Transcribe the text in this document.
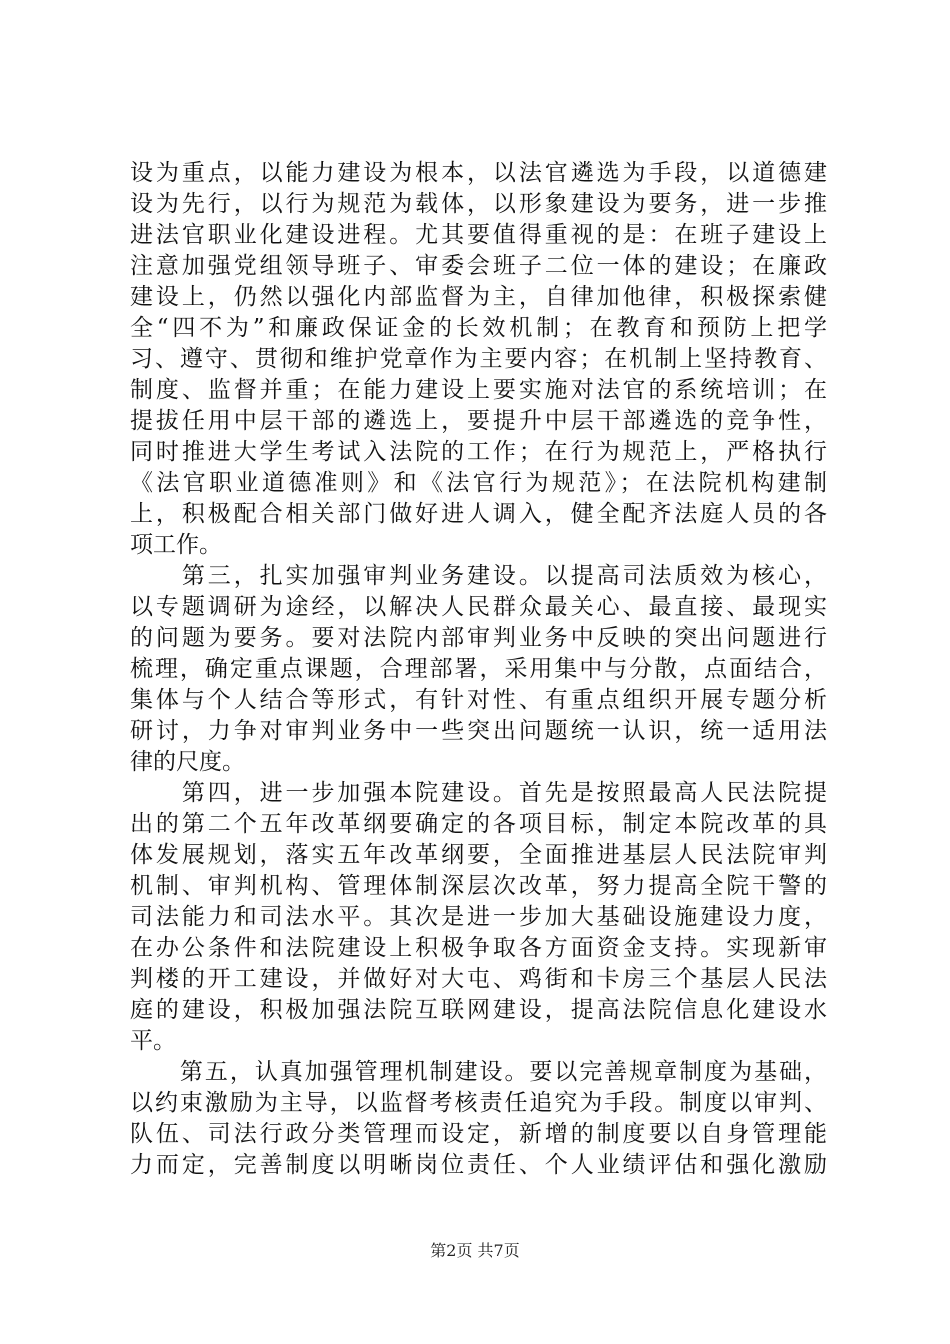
设为重点，以能力建设为根本，以法官遴选为手段，以道德建
设为先行，以行为规范为载体，以形象建设为要务，进一步推
进法官职业化建设进程。尤其要值得重视的是：在班子建设上
注意加强党组领导班子、审委会班子二位一体的建设；在廉政
建设上，仍然以强化内部监督为主，自律加他律，积极探索健
全“四不为”和廉政保证金的长效机制；在教育和预防上把学
习、遵守、贯彻和维护党章作为主要内容；在机制上坚持教育、
制度、监督并重；在能力建设上要实施对法官的系统培训；在
提拔任用中层干部的遴选上，要提升中层干部遴选的竞争性，
同时推进大学生考试入法院的工作；在行为规范上，严格执行
《法官职业道德准则》和《法官行为规范》；在法院机构建制
上，积极配合相关部门做好进人调入，健全配齐法庭人员的各
项工作。
　　第三，扎实加强审判业务建设。以提高司法质效为核心，
以专题调研为途经，以解决人民群众最关心、最直接、最现实
的问题为要务。要对法院内部审判业务中反映的突出问题进行
梳理，确定重点课题，合理部署，采用集中与分散，点面结合，
集体与个人结合等形式，有针对性、有重点组织开展专题分析
研讨，力争对审判业务中一些突出问题统一认识，统一适用法
律的尺度。
　　第四，进一步加强本院建设。首先是按照最高人民法院提
出的第二个五年改革纲要确定的各项目标，制定本院改革的具
体发展规划，落实五年改革纲要，全面推进基层人民法院审判
机制、审判机构、管理体制深层次改革，努力提高全院干警的
司法能力和司法水平。其次是进一步加大基础设施建设力度，
在办公条件和法院建设上积极争取各方面资金支持。实现新审
判楼的开工建设，并做好对大屯、鸡街和卡房三个基层人民法
庭的建设，积极加强法院互联网建设，提高法院信息化建设水
平。
　　第五，认真加强管理机制建设。要以完善规章制度为基础，
以约束激励为主导，以监督考核责任追究为手段。制度以审判、
队伍、司法行政分类管理而设定，新增的制度要以自身管理能
力而定，完善制度以明晰岗位责任、个人业绩评估和强化激励
第2页 共7页
